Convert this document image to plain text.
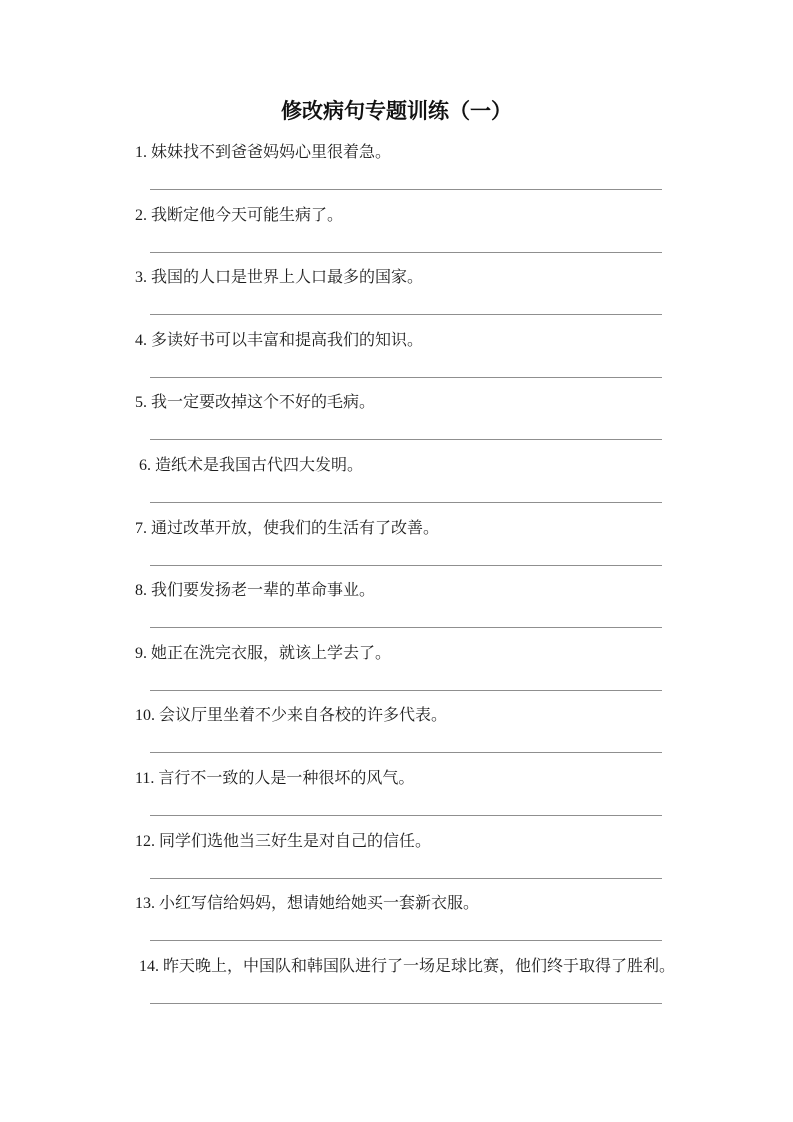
修改病句专题训练（一）
1. 妹妹找不到爸爸妈妈心里很着急。
2. 我断定他今天可能生病了。
3. 我国的人口是世界上人口最多的国家。
4. 多读好书可以丰富和提高我们的知识。
5. 我一定要改掉这个不好的毛病。
6. 造纸术是我国古代四大发明。
7. 通过改革开放，使我们的生活有了改善。
8. 我们要发扬老一辈的革命事业。
9. 她正在洗完衣服，就该上学去了。
10. 会议厅里坐着不少来自各校的许多代表。
11. 言行不一致的人是一种很坏的风气。
12. 同学们选他当三好生是对自己的信任。
13. 小红写信给妈妈，想请她给她买一套新衣服。
14. 昨天晚上，中国队和韩国队进行了一场足球比赛，他们终于取得了胜利。
